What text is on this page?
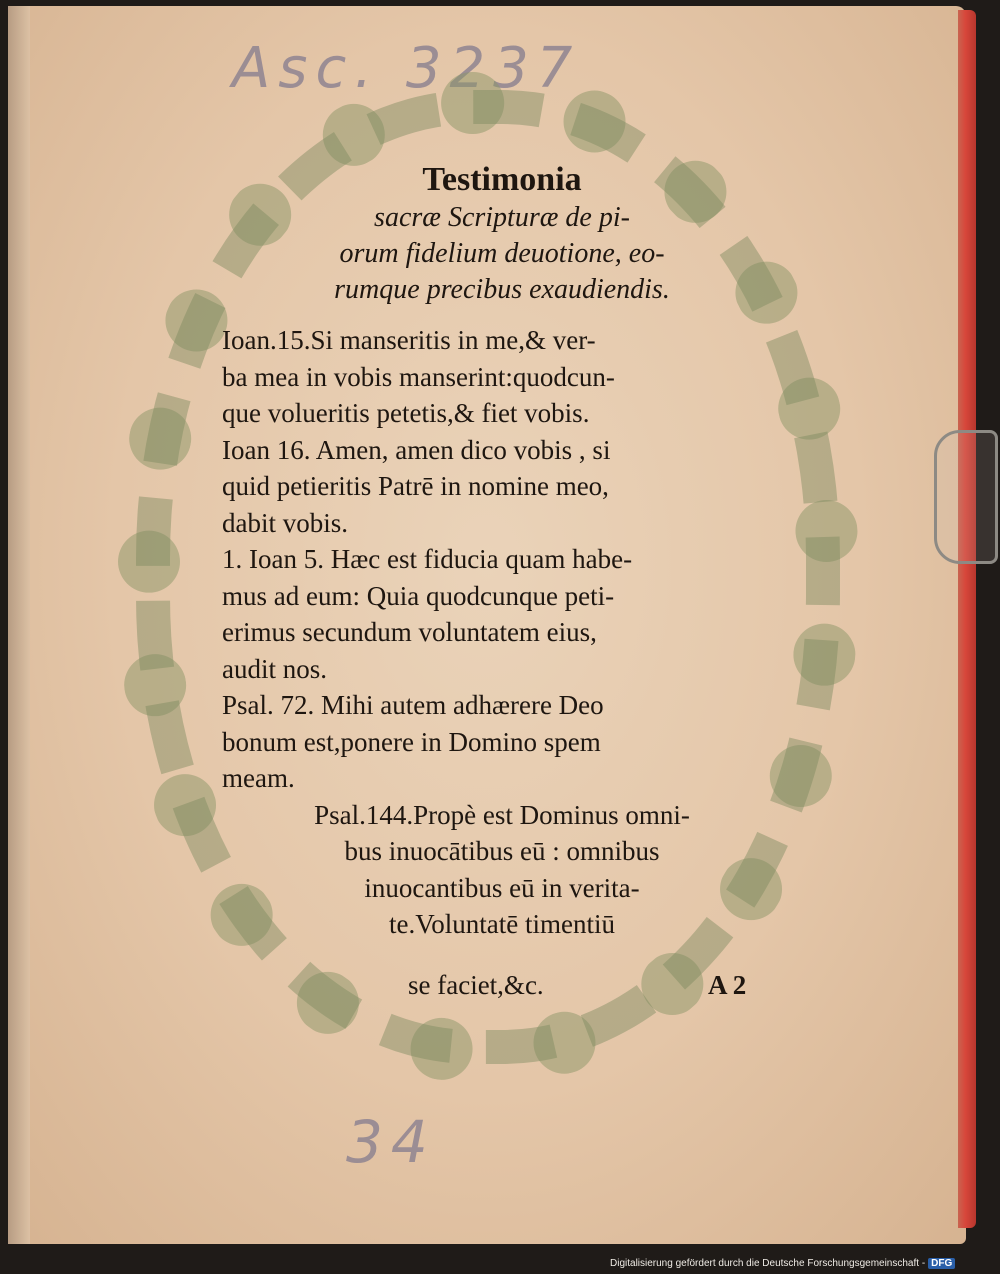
Asc. 3237
34

Testimonia

sacræ Scripturæ de pi-

orum fidelium deuotione, eo-

rumque precibus exaudiendis.

Ioan.15.Si manseritis in me,& ver-

ba mea in vobis manserint:quodcun-

que volueritis petetis,& fiet vobis.

Ioan 16. Amen, amen dico vobis , si

quid petieritis Patrē in nomine meo,

dabit vobis.

1. Ioan 5. Hæc est fiducia quam habe-

mus ad eum: Quia quodcunque peti-

erimus secundum voluntatem eius,

audit nos.

Psal. 72. Mihi autem adhærere Deo

bonum est,ponere in Domino spem

meam.

Psal.144.Propè est Dominus omni-

bus inuocātibus eū : omnibus

inuocantibus eū in verita-

te.Voluntatē timentiū

se faciet,&c.	A 2
Digitalisierung gefördert durch die Deutsche Forschungsgemeinschaft - DFG
